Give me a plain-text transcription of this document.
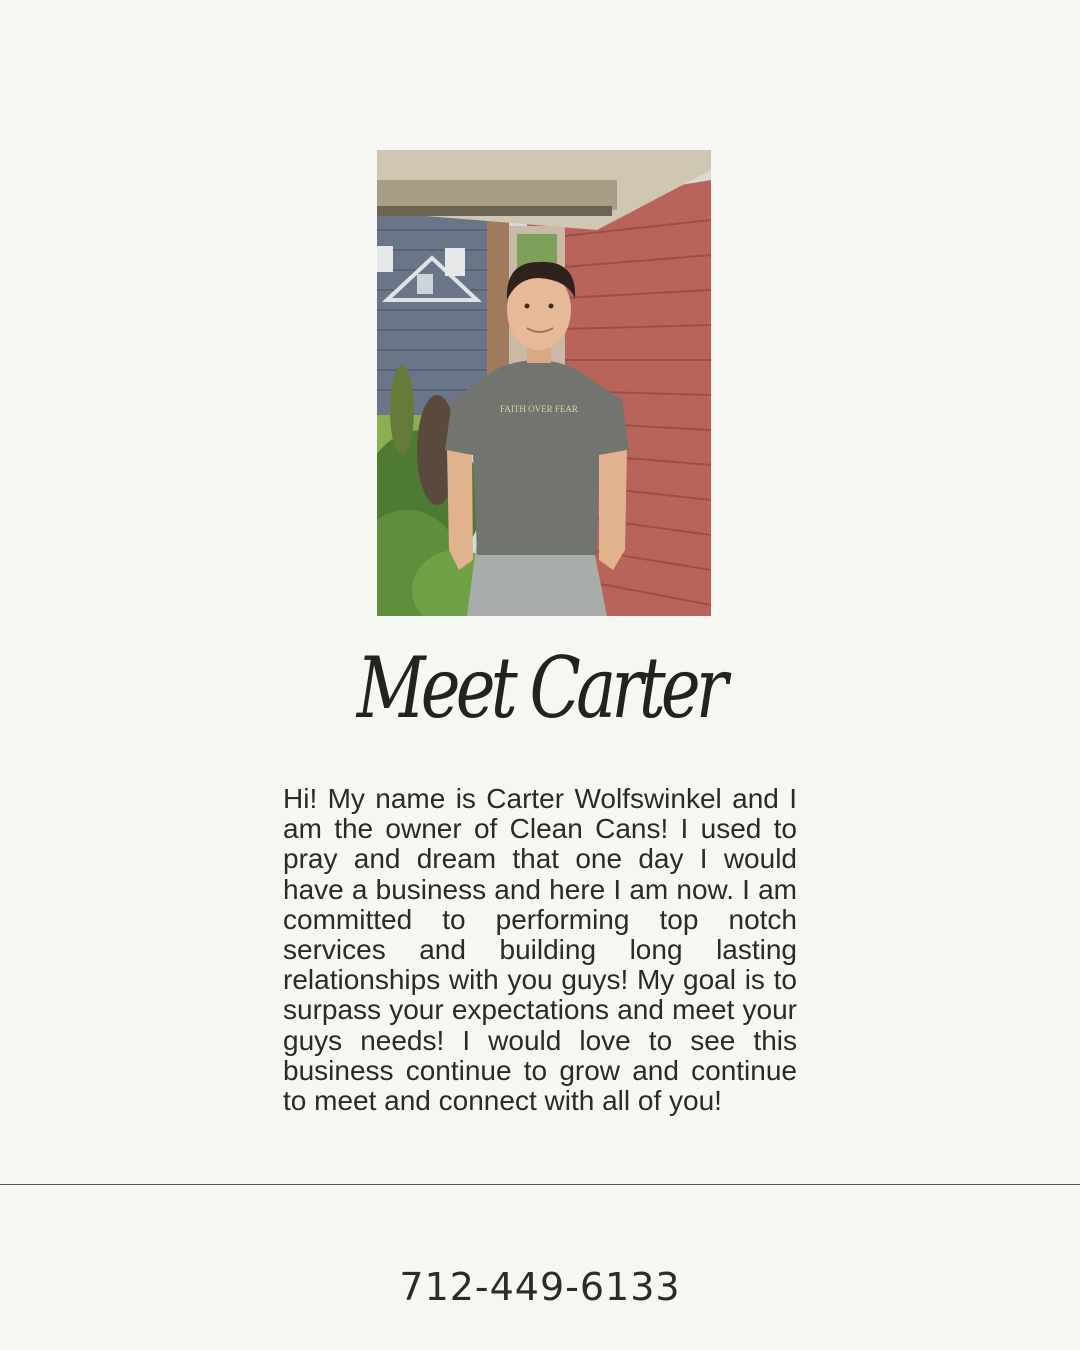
FAITH OVER FEAR
Meet Carter

Hi! My name is Carter Wolfswinkel and I am the owner of Clean Cans! I used to pray and dream that one day I would have a business and here I am now. I am committed to performing top notch services and building long lasting relationships with you guys! My goal is to surpass your expectations and meet your guys needs! I would love to see this business continue to grow and continue to meet and connect with all of you!

712-449-6133
